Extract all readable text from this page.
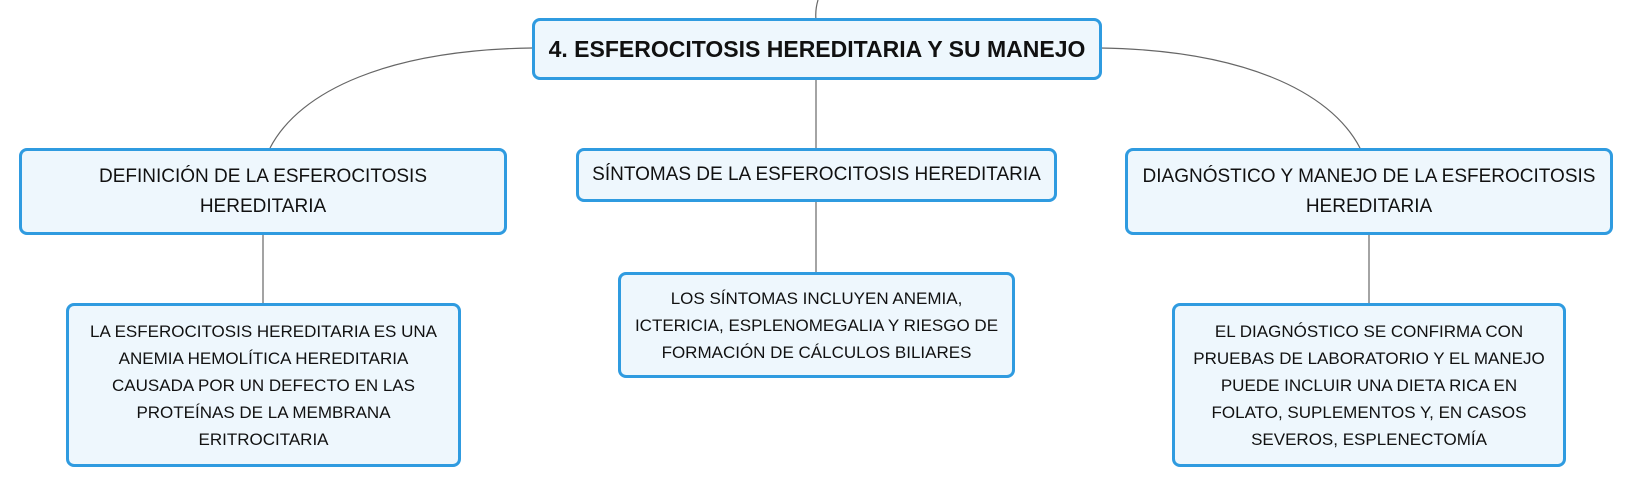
4. ESFEROCITOSIS HEREDITARIA Y SU MANEJO
DEFINICIÓN DE LA ESFEROCITOSIS HEREDITARIA
SÍNTOMAS DE LA ESFEROCITOSIS HEREDITARIA	DIAGNÓSTICO Y MANEJO DE LA ESFEROCITOSIS HEREDITARIA
LA ESFEROCITOSIS HEREDITARIA ES UNA ANEMIA HEMOLÍTICA HEREDITARIA CAUSADA POR UN DEFECTO EN LAS PROTEÍNAS DE LA MEMBRANA ERITROCITARIA
LOS SÍNTOMAS INCLUYEN ANEMIA, ICTERICIA, ESPLENOMEGALIA Y RIESGO DE FORMACIÓN DE CÁLCULOS BILIARES
EL DIAGNÓSTICO SE CONFIRMA CON PRUEBAS DE LABORATORIO Y EL MANEJO PUEDE INCLUIR UNA DIETA RICA EN FOLATO, SUPLEMENTOS Y, EN CASOS SEVEROS, ESPLENECTOMÍA
